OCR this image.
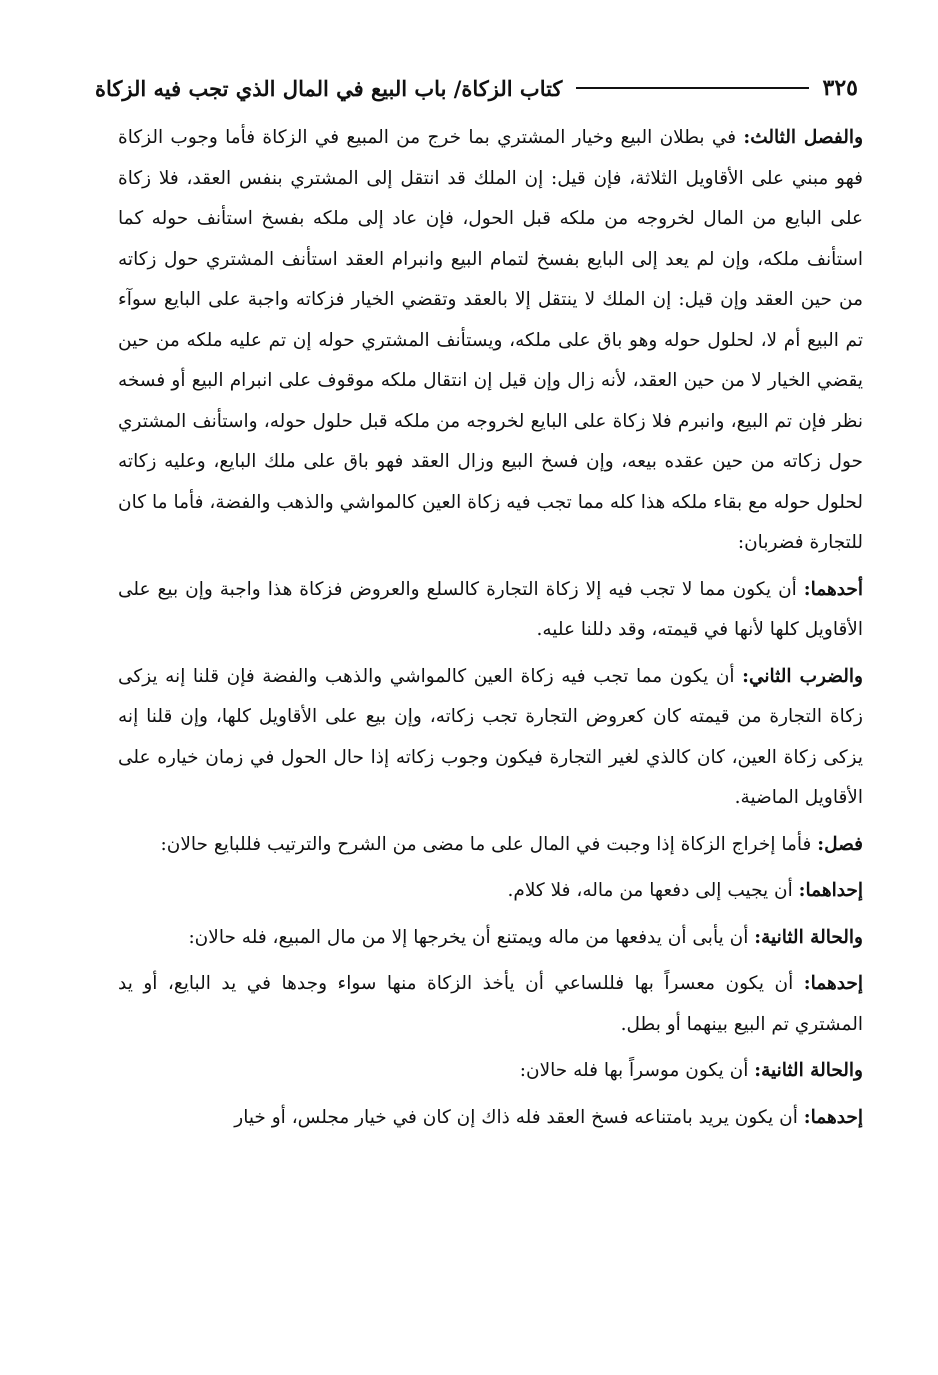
كتاب الزكاة/ باب البيع في المال الذي تجب فيه الزكاة	٣٢٥

والفصل الثالث: في بطلان البيع وخيار المشتري بما خرج من المبيع في الزكاة فأما وجوب الزكاة فهو مبني على الأقاويل الثلاثة، فإن قيل: إن الملك قد انتقل إلى المشتري بنفس العقد، فلا زكاة على البايع من المال لخروجه من ملكه قبل الحول، فإن عاد إلى ملكه بفسخ استأنف حوله كما استأنف ملكه، وإن لم يعد إلى البايع بفسخ لتمام البيع وانبرام العقد استأنف المشتري حول زكاته من حين العقد وإن قيل: إن الملك لا ينتقل إلا بالعقد وتقضي الخيار فزكاته واجبة على البايع سوآء تم البيع أم لا، لحلول حوله وهو باق على ملكه، ويستأنف المشتري حوله إن تم عليه ملكه من حين يقضي الخيار لا من حين العقد، لأنه زال وإن قيل إن انتقال ملكه موقوف على انبرام البيع أو فسخه نظر فإن تم البيع، وانبرم فلا زكاة على البايع لخروجه من ملكه قبل حلول حوله، واستأنف المشتري حول زكاته من حين عقده بيعه، وإن فسخ البيع وزال العقد فهو باق على ملك البايع، وعليه زكاته لحلول حوله مع بقاء ملكه هذا كله مما تجب فيه زكاة العين كالمواشي والذهب والفضة، فأما ما كان للتجارة فضربان:

أحدهما: أن يكون مما لا تجب فيه إلا زكاة التجارة كالسلع والعروض فزكاة هذا واجبة وإن بيع على الأقاويل كلها لأنها في قيمته، وقد دللنا عليه.

والضرب الثاني: أن يكون مما تجب فيه زكاة العين كالمواشي والذهب والفضة فإن قلنا إنه يزكى زكاة التجارة من قيمته كان كعروض التجارة تجب زكاته، وإن بيع على الأقاويل كلها، وإن قلنا إنه يزكى زكاة العين، كان كالذي لغير التجارة فيكون وجوب زكاته إذا حال الحول في زمان خياره على الأقاويل الماضية.

فصل: فأما إخراج الزكاة إذا وجبت في المال على ما مضى من الشرح والترتيب فللبايع حالان:

إحداهما: أن يجيب إلى دفعها من ماله، فلا كلام.

والحالة الثانية: أن يأبى أن يدفعها من ماله ويمتنع أن يخرجها إلا من مال المبيع، فله حالان:

إحدهما: أن يكون معسراً بها فللساعي أن يأخذ الزكاة منها سواء وجدها في يد البايع، أو يد المشتري تم البيع بينهما أو بطل.

والحالة الثانية: أن يكون موسراً بها فله حالان:

إحدهما: أن يكون يريد بامتناعه فسخ العقد فله ذاك إن كان في خيار مجلس، أو خيار
